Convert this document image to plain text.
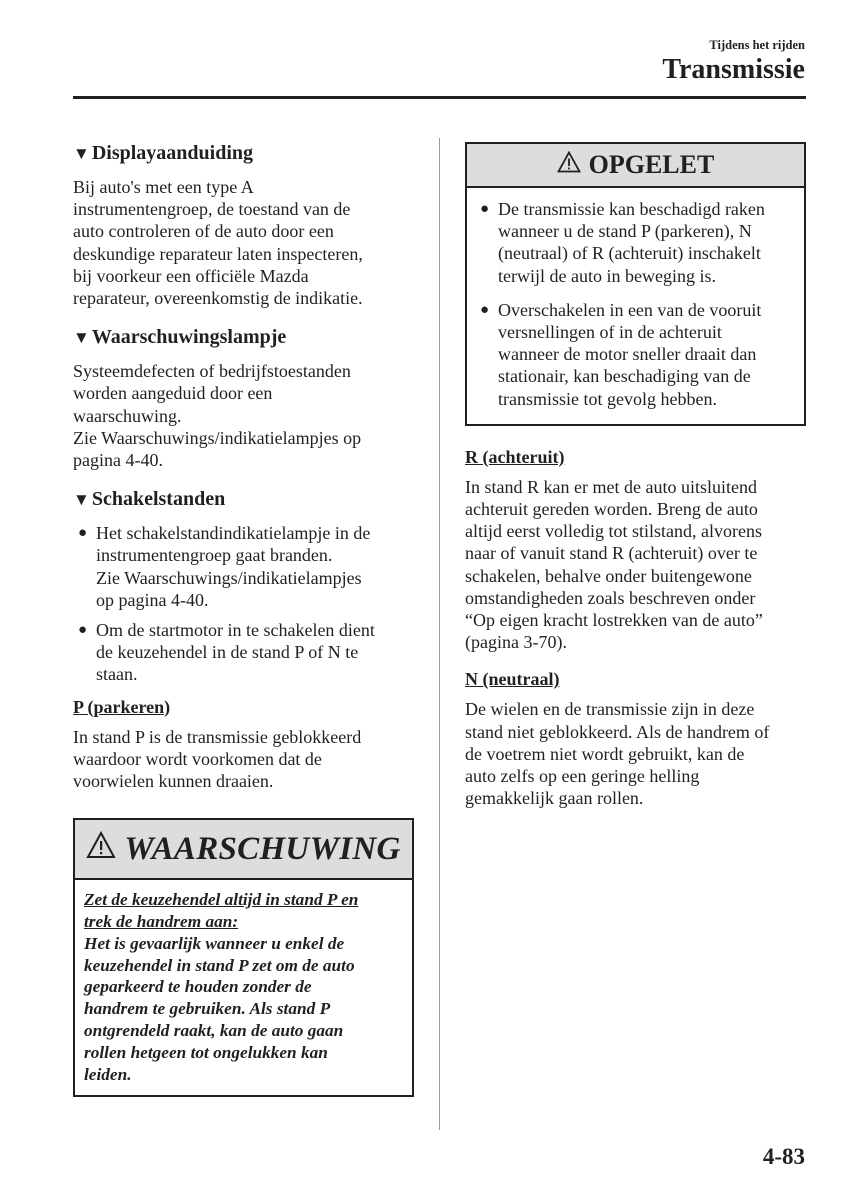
Tijdens het rijden
Transmissie
▼ Displayaanduiding

Bij auto's met een type A
instrumentengroep, de toestand van de
auto controleren of de auto door een
deskundige reparateur laten inspecteren,
bij voorkeur een officiële Mazda
reparateur, overeenkomstig de indikatie.

▼ Waarschuwingslampje

Systeemdefecten of bedrijfstoestanden
worden aangeduid door een
waarschuwing.
Zie Waarschuwings/indikatielampjes op
pagina 4-40.

▼ Schakelstanden
● Het schakelstandindikatielampje in de
instrumentengroep gaat branden.
Zie Waarschuwings/indikatielampjes
op pagina 4-40.
● Om de startmotor in te schakelen dient
de keuzehendel in de stand P of N te
staan.
P (parkeren)

In stand P is de transmissie geblokkeerd
waardoor wordt voorkomen dat de
voorwielen kunnen draaien.

WAARSCHUWING

Zet de keuzehendel altijd in stand P en

trek de handrem aan:

Het is gevaarlijk wanneer u enkel de

keuzehendel in stand P zet om de auto

geparkeerd te houden zonder de

handrem te gebruiken. Als stand P

ontgrendeld raakt, kan de auto gaan

rollen hetgeen tot ongelukken kan

leiden.

OPGELET
● De transmissie kan beschadigd raken
wanneer u de stand P (parkeren), N
(neutraal) of R (achteruit) inschakelt
terwijl de auto in beweging is.
● Overschakelen in een van de vooruit
versnellingen of in de achteruit
wanneer de motor sneller draait dan
stationair, kan beschadiging van de
transmissie tot gevolg hebben.
R (achteruit)

In stand R kan er met de auto uitsluitend
achteruit gereden worden. Breng de auto
altijd eerst volledig tot stilstand, alvorens
naar of vanuit stand R (achteruit) over te
schakelen, behalve onder buitengewone
omstandigheden zoals beschreven onder
“Op eigen kracht lostrekken van de auto”
(pagina 3-70).

N (neutraal)

De wielen en de transmissie zijn in deze
stand niet geblokkeerd. Als de handrem of
de voetrem niet wordt gebruikt, kan de
auto zelfs op een geringe helling
gemakkelijk gaan rollen.

4-83
